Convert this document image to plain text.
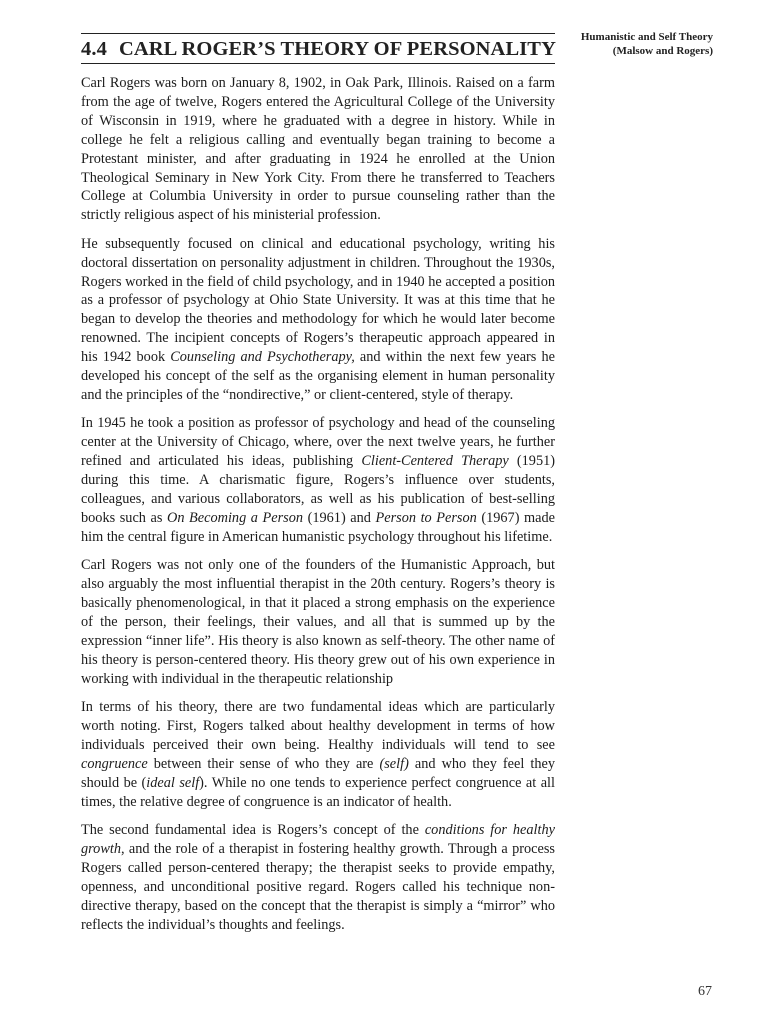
Humanistic and Self Theory
(Malsow and Rogers)
4.4 CARL ROGER’S THEORY OF PERSONALITY

Carl Rogers was born on January 8, 1902, in Oak Park, Illinois. Raised on a farm from the age of twelve, Rogers entered the Agricultural College of the University of Wisconsin in 1919, where he graduated with a degree in history. While in college he felt a religious calling and eventually began training to become a Protestant minister, and after graduating in 1924 he enrolled at the Union Theological Seminary in New York City. From there he transferred to Teachers College at Columbia University in order to pursue counseling rather than the strictly religious aspect of his ministerial profession.

He subsequently focused on clinical and educational psychology, writing his doctoral dissertation on personality adjustment in children. Throughout the 1930s, Rogers worked in the field of child psychology, and in 1940 he accepted a position as a professor of psychology at Ohio State University. It was at this time that he began to develop the theories and methodology for which he would later become renowned. The incipient concepts of Rogers’s therapeutic approach appeared in his 1942 book Counseling and Psychotherapy, and within the next few years he developed his concept of the self as the organising element in human personality and the principles of the “nondirective,” or client-centered, style of therapy.

In 1945 he took a position as professor of psychology and head of the counseling center at the University of Chicago, where, over the next twelve years, he further refined and articulated his ideas, publishing Client-Centered Therapy (1951) during this time. A charismatic figure, Rogers’s influence over students, colleagues, and various collaborators, as well as his publication of best-selling books such as On Becoming a Person (1961) and Person to Person (1967) made him the central figure in American humanistic psychology throughout his lifetime.

Carl Rogers was not only one of the founders of the Humanistic Approach, but also arguably the most influential therapist in the 20th century. Rogers’s theory is basically phenomenological, in that it placed a strong emphasis on the experience of the person, their feelings, their values, and all that is summed up by the expression “inner life”. His theory is also known as self-theory. The other name of his theory is person-centered theory. His theory grew out of his own experience in working with individual in the therapeutic relationship

In terms of his theory, there are two fundamental ideas which are particularly worth noting. First, Rogers talked about healthy development in terms of how individuals perceived their own being. Healthy individuals will tend to see congruence between their sense of who they are (self) and who they feel they should be (ideal self). While no one tends to experience perfect congruence at all times, the relative degree of congruence is an indicator of health.

The second fundamental idea is Rogers’s concept of the conditions for healthy growth, and the role of a therapist in fostering healthy growth. Through a process Rogers called person-centered therapy; the therapist seeks to provide empathy, openness, and unconditional positive regard. Rogers called his technique non-directive therapy, based on the concept that the therapist is simply a “mirror” who reflects the individual’s thoughts and feelings.

67
